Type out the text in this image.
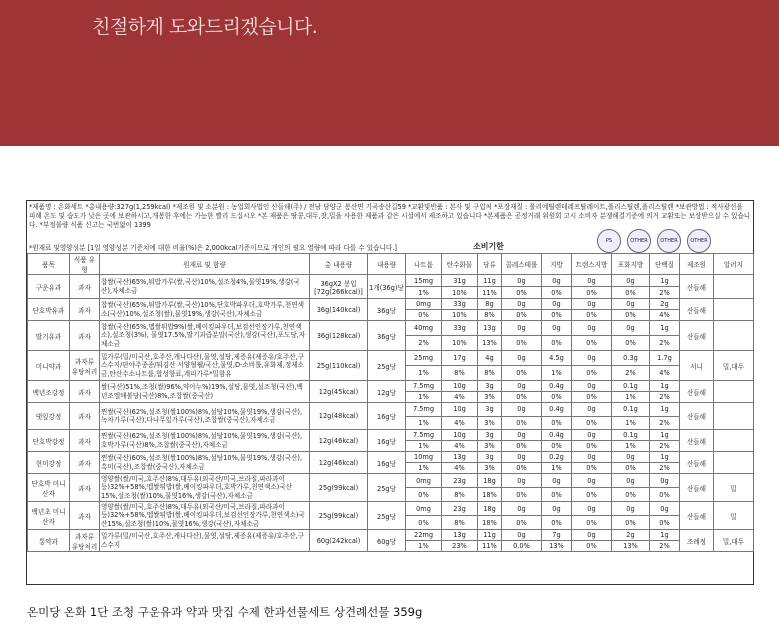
친절하게 도와드리겠습니다.
*제품명 : 온화세트 *총내용량:327g(1,259kcal) *제조원 및 소분원 : 농업회사법인 산들해(주) / 전남 담양군 봉산면 기곡송산길59 *교환및반품 : 본사 및 구입처 *포장재질 : 폴리에틸렌테레프탈레이트,폴리스틸렌,폴리스틸렌 *보관방법 : 직사광선을 피해 온도 및 습도가 낮은 곳에 보관하시고,개봉한 후에는 가능한 빨리 드십시오 *본 제품은 땅콩,대두,잣,밀을 사용한 제품과 같은 시설에서 제조하고 있습니다 *본제품은 공정거래 위원회 고시 소비자 분쟁해결기준에 의거 교환또는 보상받으실 수 있습니다. *부정불량 식품 신고는 국번없이 1399
PS	OTHER	OTHER	OTHER
*원재료 및영양성분 [1일 영양성분 기준치에 대한 비율(%)은 2,000kcal기준이므로 개인의 필요 열량에 따라 다를 수 있습니다.]	소비기한
품목	식품 유형	원재료 및 함량	총 내용량	내용량	나트륨	탄수화물	당류	콜레스테롤	지방	트랜스지방	포화지방	단백질	제조원	알러지
구운유과	과자	찹쌀(국산)65%,튀밥가루(쌀,국산)10%,설조청4%,물엿19%,생강(국산),자체소금	36gX2 봉입[72g(266kcal)]	1개(36g)당	15mg	31g	11g	0g	0g	0g	0g	1g	산들해	
					1%	10%	11%	0%	0%	0%	0%	2%		
단호박유과	과자	찹쌀(국산)65%,튀밥가루(쌀,국산)10%,단호박파우더,호박가루,천연색소(국산)10%,설조청(쌀),물엿19%,생강(국산),자체소금	36g(140kcal)	36g당	0mg	33g	8g	0g	0g	0g	0g	2g	산들해	
					0%	10%	8%	0%	0%	0%	0%	4%		
딸기유과	과자	찹쌀(국산)65%,멥쌀튀밥9%(쌀,베이킹파우더,보검선인장가루,천연색소),설조청(3%), 물엿17.5%,딸기과즙분말(국산),생강(국산),포도당,자체소금	36g(128kcal)	36g당	40mg	33g	13g	0g	0g	0g	0g	1g	산들해	
					2%	10%	13%	0%	0%	0%	0%	2%		
미니약과	과자류 유탕처리	밀가루(밀/미국산,호주산,캐나다산),물엿,설탕,제증유(제증유/호주산,구스수지/판야주종종/튀김산 서양혈웰/국산,물엿,D-소비톨,유화제,정제소금,탄산수소나트륨,합성향료,계피가루*밀함유	25g(110kcal)	25g당	25mg	17g	4g	0g	4.5g	0g	0.3g	1.7g	서니	밀,대두
					1%	8%	8%	0%	1%	0%	2%	4%		
백년조강정	과자	쌀(국산)51%,조청(쌀)96%,약아누%)19%,설탕,물엿,설조청(국산),백년조엘매볼당(국산)8%,조찹쌀(중국산)	12g(45kcal)	12g당	7.5mg	10g	3g	0g	0.4g	0g	0.1g	1g	산들해	
					1%	4%	3%	0%	0%	0%	1%	2%		
댓잎강정	과자	찐쌀(국산)62%,설조청(쌀100%)8%,설탕10%,물엿19%,생강(국산),녹차가루(국산),다나무잎가루(국산),조찹쌀(중국산),자체소금	12g(48kcal)	16g당	7.5mg	10g	3g	0g	0.4g	0g	0.1g	1g	산들해	
					1%	4%	3%	0%	0%	0%	1%	2%		
단호박강정	과자	찐쌀(국산)62%,설조청(쌀100%)8%,설탕10%,물엿19%,생강(국산),호박가루(국산)8%,조찹쌀(중국산),자체소금	12g(46kcal)	16g당	7.5mg	10g	3g	0g	0.4g	0g	0.1g	1g	산들해	
					1%	4%	3%	0%	0%	0%	1%	2%		
현미강정	과자	찐쌀(국산)60%,설조청(쌀100%)8%,설탕10%,물엿19%,생강(국산),흑미(국산),조찹쌀(중국산),자체소금	12g(46kcal)	16g당	10mg	13g	3g	0g	0.2g	0g	0g	1g	산들해	
					1%	4%	3%	0%	1%	0%	0%	2%		
단호박 미니산자	과자	영양쌀(쌀/미국,호주산)8%,대두유(외국산/미국,브라질,파라과이등)32%+58%,멥쌀튀밥(쌀,베이킹파우더,호박가루,천연색소)국산15%,설조청(쌀)10%,물엿16%,생강(국산),자체소금	25g(99kcal)	25g당	0mg	23g	18g	0g	0g	0g	0g	0g	산들해	밀
					0%	8%	18%	0%	0%	0%	0%	0%		
백년초 미니산자	과자	영양쌀(쌀/미국,호주산)8%,대두유(외국산/미국,브라질,파라과이등)32%+58%,멥쌀튀밥(쌀,베이킹파우더,보검선인장가루,천연색소)국산15%,설조청(쌀)10%,물엿16%,생강(국산),자체소금	25g(99kcal)	25g당	0mg	23g	18g	0g	0g	0g	0g	0g	산들해	밀
					0%	8%	18%	0%	0%	0%	0%	0%		
통약과	과자류 유탕처리	밀가루(밀/미국산,호주산,캐나다산),물엿,설탕,제증유(제증유/호주산,구스수지	60g(242kcal)	60g당	22mg	13g	11g	0g	7g	0g	2g	1g	조례정	밀,대두
					1%	23%	11%	0.0%	13%	0%	13%	2%		
온미당 온화 1단 조청 구운유과 약과 맛집 수제 한과선물세트 상견례선물 359g
